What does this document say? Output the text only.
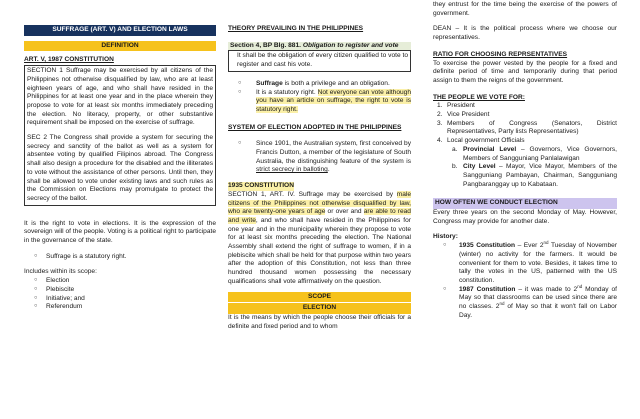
SUFFRAGE (ART. V) AND ELECTION LAWS
DEFINITION
ART. V, 1987 CONSTITUTION

SECTION 1 Suffrage may be exercised by all citizens of the Philippines not otherwise disqualified by law, who are at least eighteen years of age, and who shall have resided in the Philippines for at least one year and in the place wherein they propose to vote for at least six months immediately preceding the election. No literacy, property, or other substantive requirement shall be imposed on the exercise of suffrage.

SEC 2 The Congress shall provide a system for securing the secrecy and sanctity of the ballot as well as a system for absentee voting by qualified Filipinos abroad. The Congress shall also design a procedure for the disabled and the illiterates to vote without the assistance of other persons. Until then, they shall be allowed to vote under existing laws and such rules as the Commission on Elections may promulgate to protect the secrecy of the ballot.

It is the right to vote in elections. It is the expression of the sovereign will of the people. Voting is a political right to participate in the governance of the state.

○ Suffrage is a statutory right.

Includes within its scope:

○ Election
○ Plebiscite
○ Initiative; and
○ Referendum
THEORY PREVAILING IN THE PHILIPPINES
Section 4, BP Blg. 881. Obligation to register and vote

It shall be the obligation of every citizen qualified to vote to register and cast his vote.

○ Suffrage is both a privilege and an obligation.
○ It is a statutory right. Not everyone can vote although you have an article on suffrage, the right to vote is statutory right.
SYSTEM OF ELECTION ADOPTED IN THE PHILIPPINES
○ Since 1901, the Australian system, first conceived by Francis Dutton, a member of the legislature of South Australia, the distinguishing feature of the system is strict secrecy in balloting.
1935 CONSTITUTION

SECTION 1, ART. IV. Suffrage may be exercised by male citizens of the Philippines not otherwise disqualified by law, who are twenty-one years of age or over and are able to read and write, and who shall have resided in the Philippines for one year and in the municipality wherein they propose to vote for at least six months preceding the election. The National Assembly shall extend the right of suffrage to women, if in a plebiscite which shall be held for that purpose within two years after the adoption of this Constitution, not less than three hundred thousand women possessing the necessary qualifications shall vote affirmatively on the question.

SCOPE
ELECTION

It is the means by which the people choose their officials for a definite and fixed period and to whom

they entrust for the time being the exercise of the powers of government.

DEAN – It is the political process where we choose our representatives.

RATIO FOR CHOOSING REPRSENTATIVES

To exercise the power vested by the people for a fixed and definite period of time and temporarily during that period assign to them the reigns of the government.

THE PEOPLE WE VOTE FOR:
1. President
2. Vice President
3. Members of Congress (Senators, District Representatives, Party lists Representatives)
4. Local government Officials
a. Provincial Level – Governors, Vice Governors, Members of Sangguniang Panlalawigan
b. City Level – Mayor, Vice Mayor, Members of the Sangguniang Pambayan, Chairman, Sangguniang Pangbaranggay up to Kabataan.
HOW OFTEN WE CONDUCT ELECTION

Every three years on the second Monday of May. However, Congress may provide for another date.

History:
○ 1935 Constitution – Ever 2nd Tuesday of November (winter) no activity for the farmers. It would be convenient for them to vote. Besides, it takes time to tally the votes in the US, patterned with the US constitution.
○ 1987 Constitution – it was made to 2nd Monday of May so that classrooms can be used since there are no classes. 2nd of May so that it won't fall on Labor Day.
